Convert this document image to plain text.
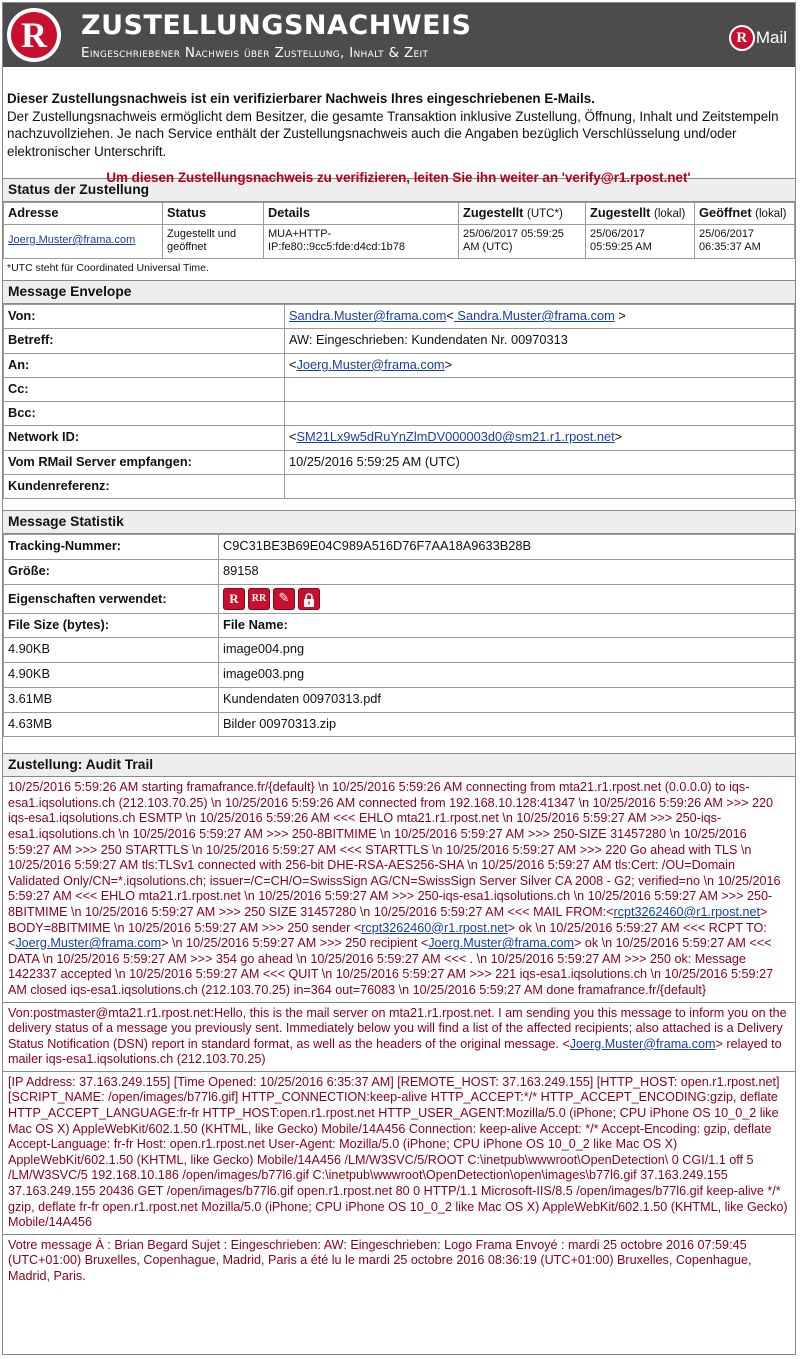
R	ZUSTELLUNGSNACHWEIS
Eingeschriebener Nachweis über Zustellung, Inhalt & Zeit
R Mail
Dieser Zustellungsnachweis ist ein verifizierbarer Nachweis Ihres eingeschriebenen E-Mails.
Der Zustellungsnachweis ermöglicht dem Besitzer, die gesamte Transaktion inklusive Zustellung, Öffnung, Inhalt und Zeitstempeln nachzuvollziehen. Je nach Service enthält der Zustellungsnachweis auch die Angaben bezüglich Verschlüsselung und/oder elektronischer Unterschrift.
Um diesen Zustellungsnachweis zu verifizieren, leiten Sie ihn weiter an 'verify@r1.rpost.net'
Status der Zustellung
Adresse	Status	Details	Zugestellt (UTC*)	Zugestellt (lokal)	Geöffnet (lokal)
Joerg.Muster@frama.com	Zugestellt und geöffnet	MUA+HTTP-IP:fe80::9cc5:fde:d4cd:1b78	25/06/2017 05:59:25 AM (UTC)	25/06/2017 05:59:25 AM	25/06/2017 06:35:37 AM
*UTC steht für Coordinated Universal Time.
Message Envelope
Von:	Sandra.Muster@frama.com< Sandra.Muster@frama.com >
Betreff:	AW: Eingeschrieben: Kundendaten Nr. 00970313
An:	<Joerg.Muster@frama.com>
Cc:	
Bcc:	
Network ID:	<SM21Lx9w5dRuYnZlmDV000003d0@sm21.r1.rpost.net>
Vom RMail Server empfangen:	10/25/2016 5:59:25 AM (UTC)
Kundenreferenz:	
Message Statistik
Tracking-Nummer:	C9C31BE3B69E04C989A516D76F7AA18A9633B28B
Größe:	89158
Eigenschaften verwendet:	R RR ✎
File Size (bytes):	File Name:
4.90KB	image004.png
4.90KB	image003.png
3.61MB	Kundendaten 00970313.pdf
4.63MB	Bilder 00970313.zip
Zustellung: Audit Trail
10/25/2016 5:59:26 AM starting framafrance.fr/{default} \n 10/25/2016 5:59:26 AM connecting from mta21.r1.rpost.net (0.0.0.0) to iqs-esa1.iqsolutions.ch (212.103.70.25) \n 10/25/2016 5:59:26 AM connected from 192.168.10.128:41347 \n 10/25/2016 5:59:26 AM >>> 220 iqs-esa1.iqsolutions.ch ESMTP \n 10/25/2016 5:59:26 AM <<< EHLO mta21.r1.rpost.net \n 10/25/2016 5:59:27 AM >>> 250-iqs-esa1.iqsolutions.ch \n 10/25/2016 5:59:27 AM >>> 250-8BITMIME \n 10/25/2016 5:59:27 AM >>> 250-SIZE 31457280 \n 10/25/2016 5:59:27 AM >>> 250 STARTTLS \n 10/25/2016 5:59:27 AM <<< STARTTLS \n 10/25/2016 5:59:27 AM >>> 220 Go ahead with TLS \n 10/25/2016 5:59:27 AM tls:TLSv1 connected with 256-bit DHE-RSA-AES256-SHA \n 10/25/2016 5:59:27 AM tls:Cert: /OU=Domain Validated Only/CN=*.iqsolutions.ch; issuer=/C=CH/O=SwissSign AG/CN=SwissSign Server Silver CA 2008 - G2; verified=no \n 10/25/2016 5:59:27 AM <<< EHLO mta21.r1.rpost.net \n 10/25/2016 5:59:27 AM >>> 250-iqs-esa1.iqsolutions.ch \n 10/25/2016 5:59:27 AM >>> 250-8BITMIME \n 10/25/2016 5:59:27 AM >>> 250 SIZE 31457280 \n 10/25/2016 5:59:27 AM <<< MAIL FROM:<rcpt3262460@r1.rpost.net> BODY=8BITMIME \n 10/25/2016 5:59:27 AM >>> 250 sender <rcpt3262460@r1.rpost.net> ok \n 10/25/2016 5:59:27 AM <<< RCPT TO:<Joerg.Muster@frama.com> \n 10/25/2016 5:59:27 AM >>> 250 recipient <Joerg.Muster@frama.com> ok \n 10/25/2016 5:59:27 AM <<< DATA \n 10/25/2016 5:59:27 AM >>> 354 go ahead \n 10/25/2016 5:59:27 AM <<< . \n 10/25/2016 5:59:27 AM >>> 250 ok: Message 1422337 accepted \n 10/25/2016 5:59:27 AM <<< QUIT \n 10/25/2016 5:59:27 AM >>> 221 iqs-esa1.iqsolutions.ch \n 10/25/2016 5:59:27 AM closed iqs-esa1.iqsolutions.ch (212.103.70.25) in=364 out=76083 \n 10/25/2016 5:59:27 AM done framafrance.fr/{default}
Von:postmaster@mta21.r1.rpost.net:Hello, this is the mail server on mta21.r1.rpost.net. I am sending you this message to inform you on the delivery status of a message you previously sent. Immediately below you will find a list of the affected recipients; also attached is a Delivery Status Notification (DSN) report in standard format, as well as the headers of the original message. <Joerg.Muster@frama.com> relayed to mailer iqs-esa1.iqsolutions.ch (212.103.70.25)
[IP Address: 37.163.249.155] [Time Opened: 10/25/2016 6:35:37 AM] [REMOTE_HOST: 37.163.249.155] [HTTP_HOST: open.r1.rpost.net] [SCRIPT_NAME: /open/images/b77l6.gif] HTTP_CONNECTION:keep-alive HTTP_ACCEPT:*/* HTTP_ACCEPT_ENCODING:gzip, deflate HTTP_ACCEPT_LANGUAGE:fr-fr HTTP_HOST:open.r1.rpost.net HTTP_USER_AGENT:Mozilla/5.0 (iPhone; CPU iPhone OS 10_0_2 like Mac OS X) AppleWebKit/602.1.50 (KHTML, like Gecko) Mobile/14A456 Connection: keep-alive Accept: */* Accept-Encoding: gzip, deflate Accept-Language: fr-fr Host: open.r1.rpost.net User-Agent: Mozilla/5.0 (iPhone; CPU iPhone OS 10_0_2 like Mac OS X) AppleWebKit/602.1.50 (KHTML, like Gecko) Mobile/14A456 /LM/W3SVC/5/ROOT C:\inetpub\wwwroot\OpenDetection\ 0 CGI/1.1 off 5 /LM/W3SVC/5 192.168.10.186 /open/images/b77l6.gif C:\inetpub\wwwroot\OpenDetection\open\images\b77l6.gif 37.163.249.155 37.163.249.155 20436 GET /open/images/b77l6.gif open.r1.rpost.net 80 0 HTTP/1.1 Microsoft-IIS/8.5 /open/images/b77l6.gif keep-alive */* gzip, deflate fr-fr open.r1.rpost.net Mozilla/5.0 (iPhone; CPU iPhone OS 10_0_2 like Mac OS X) AppleWebKit/602.1.50 (KHTML, like Gecko) Mobile/14A456
Votre message À : Brian Begard Sujet : Eingeschrieben: AW: Eingeschrieben: Logo Frama Envoyé : mardi 25 octobre 2016 07:59:45 (UTC+01:00) Bruxelles, Copenhague, Madrid, Paris a été lu le mardi 25 octobre 2016 08:36:19 (UTC+01:00) Bruxelles, Copenhague, Madrid, Paris.
